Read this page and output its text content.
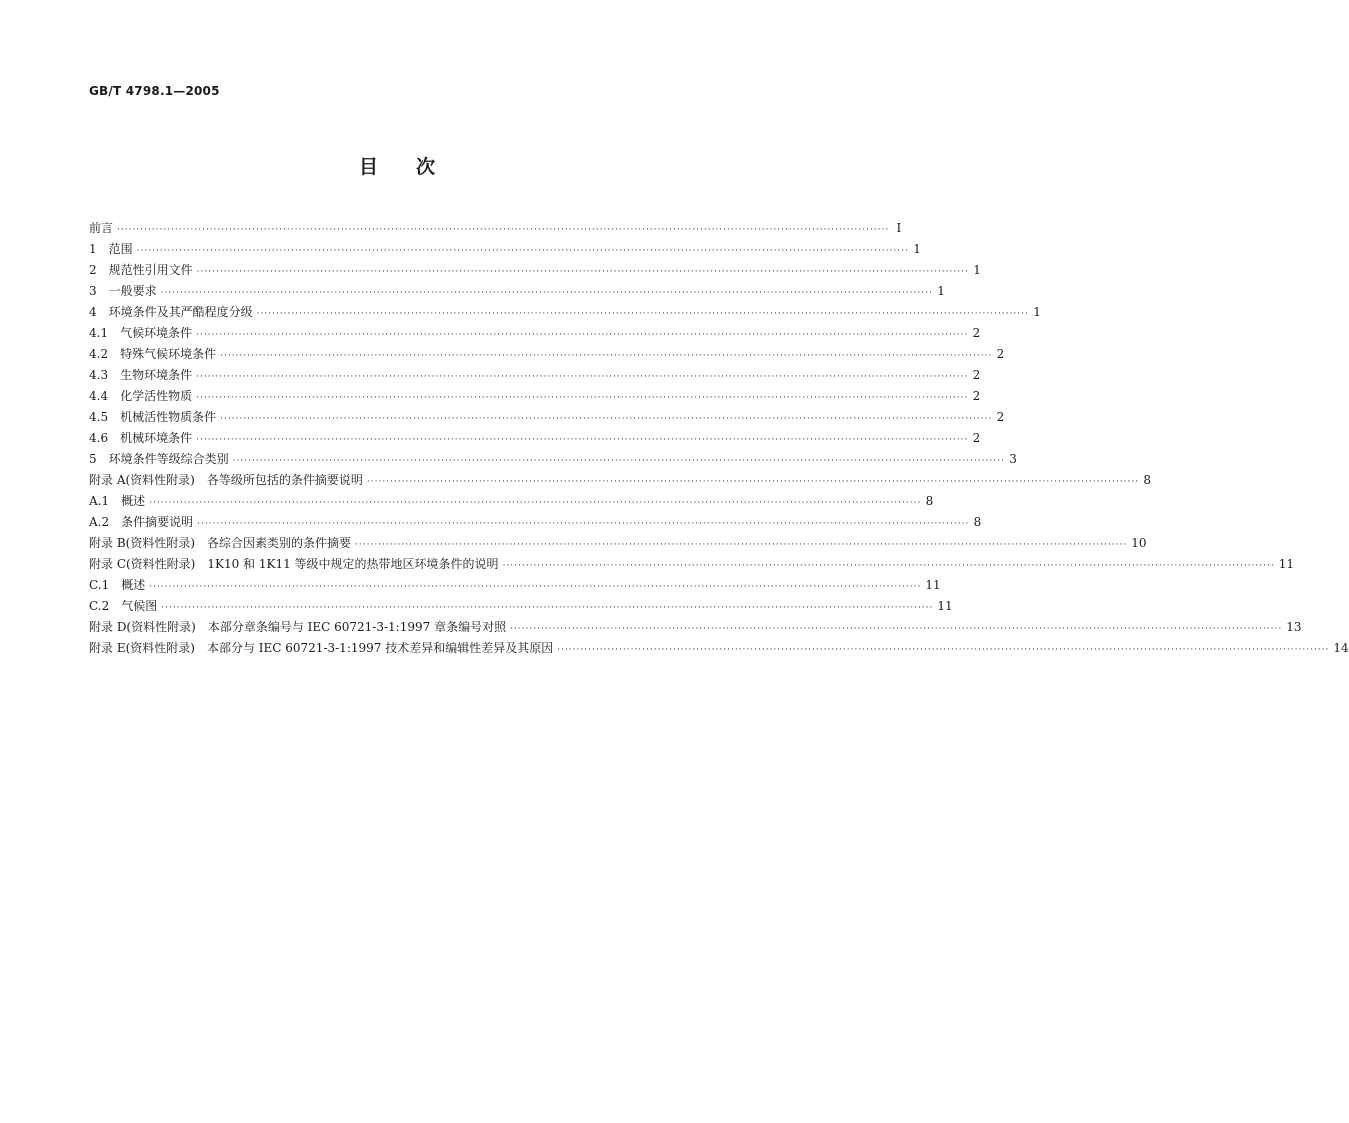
GB/T 4798.1—2005
目次
前言 ········································································································································································································ Ⅰ
1 范围 ········································································································································································································ 1
2 规范性引用文件 ········································································································································································································ 1
3 一般要求 ········································································································································································································ 1
4 环境条件及其严酷程度分级 ········································································································································································································ 1
4.1 气候环境条件 ········································································································································································································ 2
4.2 特殊气候环境条件 ········································································································································································································ 2
4.3 生物环境条件 ········································································································································································································ 2
4.4 化学活性物质 ········································································································································································································ 2
4.5 机械活性物质条件 ········································································································································································································ 2
4.6 机械环境条件 ········································································································································································································ 2
5 环境条件等级综合类别 ········································································································································································································ 3
附录 A(资料性附录) 各等级所包括的条件摘要说明 ········································································································································································································ 8
A.1 概述 ········································································································································································································ 8
A.2 条件摘要说明 ········································································································································································································ 8
附录 B(资料性附录) 各综合因素类别的条件摘要 ········································································································································································································ 10
附录 C(资料性附录) 1K10 和 1K11 等级中规定的热带地区环境条件的说明 ········································································································································································································ 11
C.1 概述 ········································································································································································································ 11
C.2 气候图 ········································································································································································································ 11
附录 D(资料性附录) 本部分章条编号与 IEC 60721-3-1:1997 章条编号对照 ········································································································································································································ 13
附录 E(资料性附录) 本部分与 IEC 60721-3-1:1997 技术差异和编辑性差异及其原因 ········································································································································································································ 14
